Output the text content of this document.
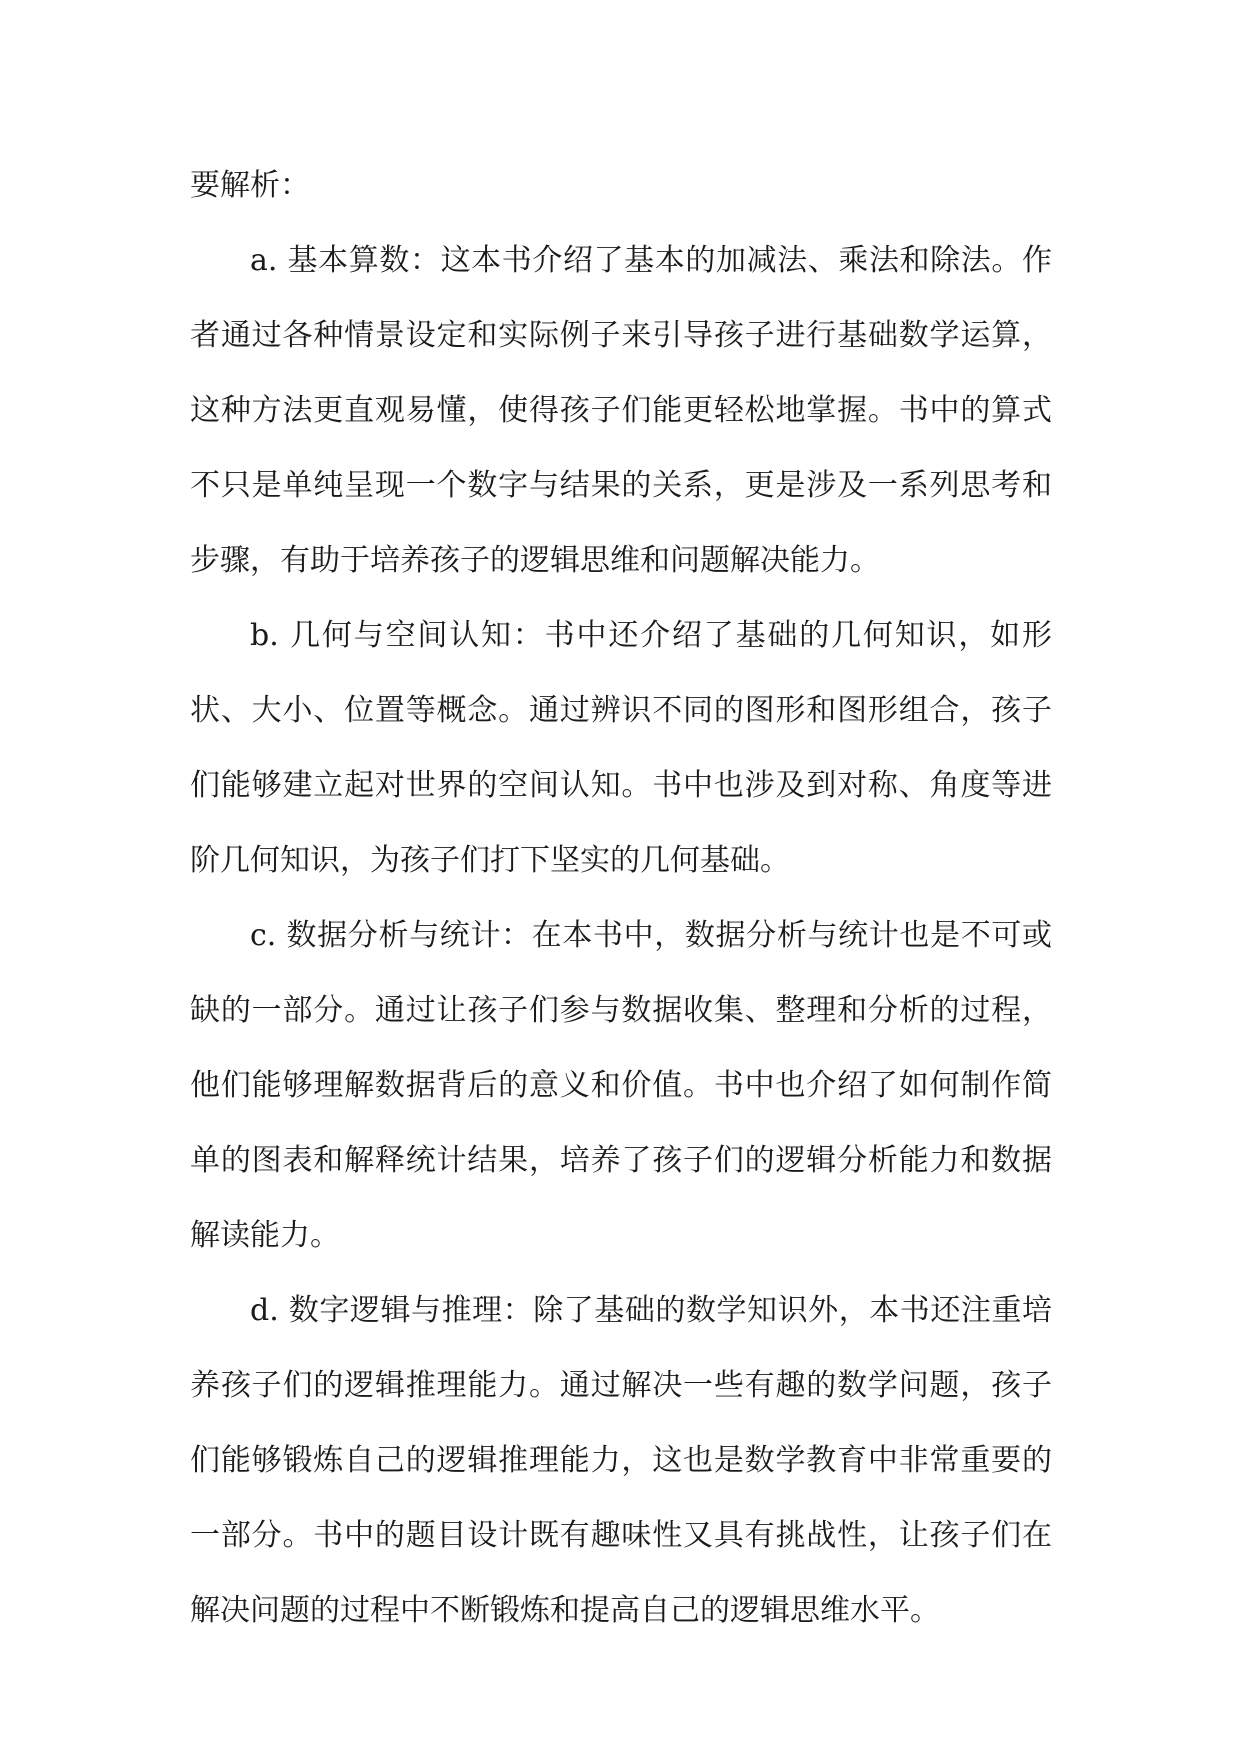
要解析：

a. 基本算数：这本书介绍了基本的加减法、乘法和除法。作者通过各种情景设定和实际例子来引导孩子进行基础数学运算，这种方法更直观易懂，使得孩子们能更轻松地掌握。书中的算式不只是单纯呈现一个数字与结果的关系，更是涉及一系列思考和步骤，有助于培养孩子的逻辑思维和问题解决能力。

b. 几何与空间认知：书中还介绍了基础的几何知识，如形状、大小、位置等概念。通过辨识不同的图形和图形组合，孩子们能够建立起对世界的空间认知。书中也涉及到对称、角度等进阶几何知识，为孩子们打下坚实的几何基础。

c. 数据分析与统计：在本书中，数据分析与统计也是不可或缺的一部分。通过让孩子们参与数据收集、整理和分析的过程，他们能够理解数据背后的意义和价值。书中也介绍了如何制作简单的图表和解释统计结果，培养了孩子们的逻辑分析能力和数据解读能力。

d. 数字逻辑与推理：除了基础的数学知识外，本书还注重培养孩子们的逻辑推理能力。通过解决一些有趣的数学问题，孩子们能够锻炼自己的逻辑推理能力，这也是数学教育中非常重要的一部分。书中的题目设计既有趣味性又具有挑战性，让孩子们在解决问题的过程中不断锻炼和提高自己的逻辑思维水平。
